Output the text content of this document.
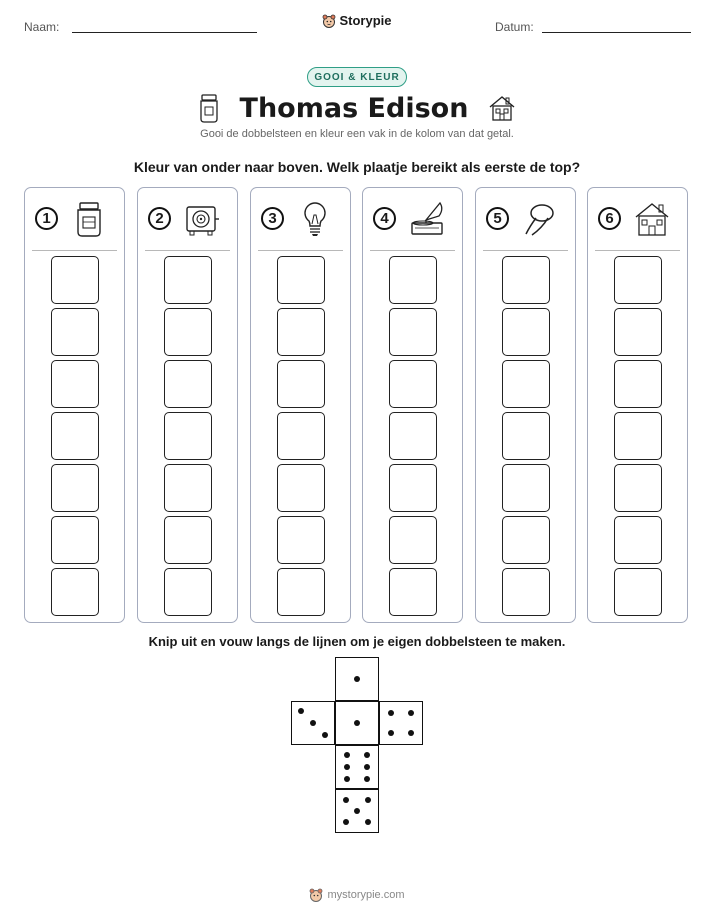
Naam:	Storypie	Datum:
GOOI & KLEUR
Thomas Edison
Gooi de dobbelsteen en kleur een vak in de kolom van dat getal.
Kleur van onder naar boven. Welk plaatje bereikt als eerste de top?
1	2	3	4	5	6
Knip uit en vouw langs de lijnen om je eigen dobbelsteen te maken.
mystorypie.com
